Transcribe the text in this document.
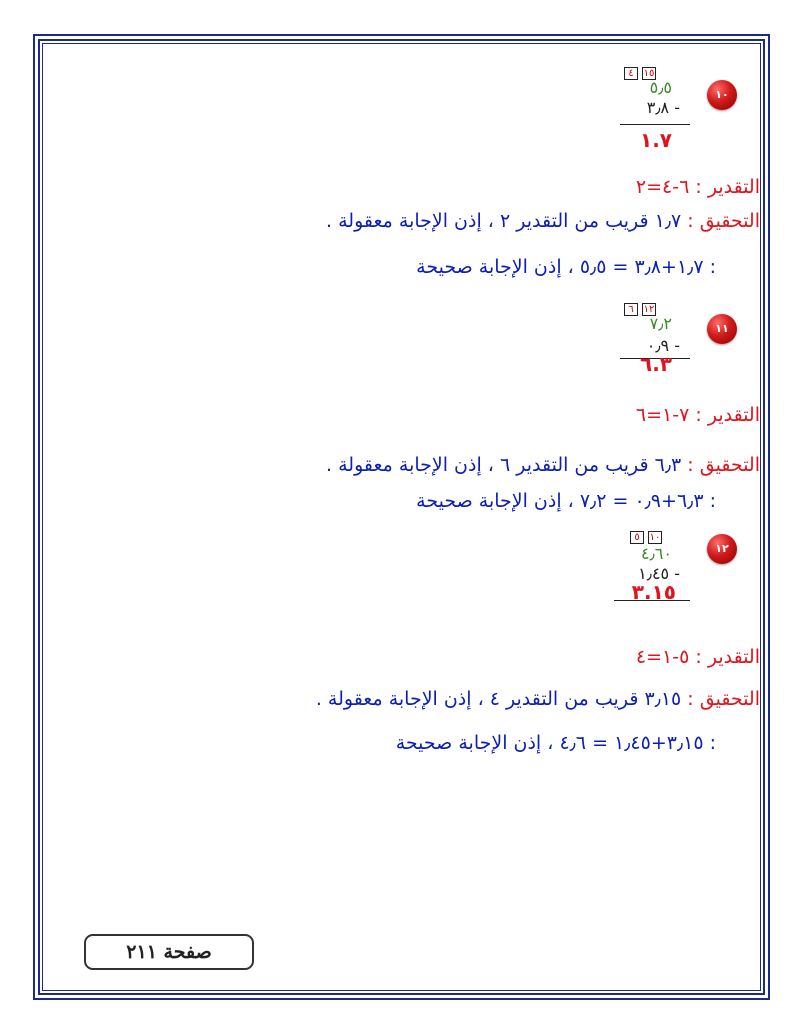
١٠
٤ ١٥
٥٫٥
٣٫٨ -
١.٧
التقدير : ٦-٤=٢
التحقيق : ١٫٧ قريب من التقدير ٢ ، إذن الإجابة معقولة .
: ١٫٧+٣٫٨ = ٥٫٥ ، إذن الإجابة صحيحة
١١
٦ ١٢
٧٫٢
٠٫٩ -
٦.٣
التقدير : ٧-١=٦
التحقيق : ٦٫٣ قريب من التقدير ٦ ، إذن الإجابة معقولة .
: ٦٫٣+٠٫٩ = ٧٫٢ ، إذن الإجابة صحيحة
١٢
٥ ١٠
٤٫٦٠
١٫٤٥ -
٣.١٥
التقدير : ٥-١=٤
التحقيق : ٣٫١٥ قريب من التقدير ٤ ، إذن الإجابة معقولة .
: ٣٫١٥+١٫٤٥ = ٤٫٦ ، إذن الإجابة صحيحة
صفحة ٢١١
